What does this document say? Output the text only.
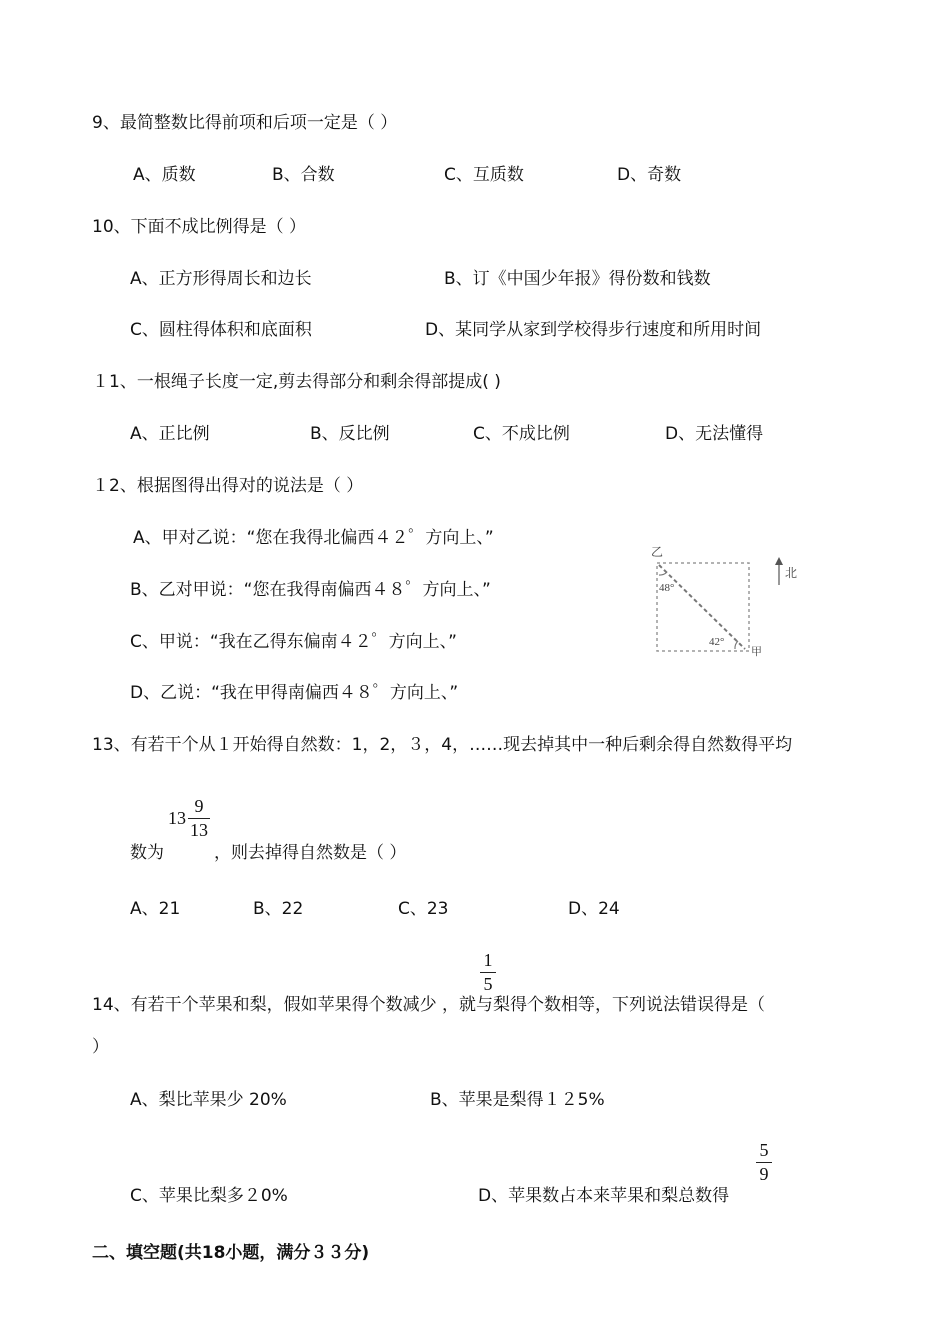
9、最简整数比得前项和后项一定是（ ）
A、质数	B、合数	C、互质数	D、奇数
10、下面不成比例得是（ ）
A、正方形得周长和边长	B、订《中国少年报》得份数和钱数
C、圆柱得体积和底面积	D、某同学从家到学校得步行速度和所用时间
１1、一根绳子长度一定,剪去得部分和剩余得部提成( )
A、正比例	B、反比例	C、不成比例	D、无法懂得
１2、根据图得出得对的说法是（ ）
A、甲对乙说：“您在我得北偏西４２゜方向上、”
B、乙对甲说：“您在我得南偏西４８゜方向上、”
C、甲说：“我在乙得东偏南４２゜方向上、”
D、乙说：“我在甲得南偏西４８゜方向上、”
乙
48°
42°
甲
北
13、有若干个从１开始得自然数：1，2，３，4，……现去掉其中一种后剩余得自然数得平均
13
9
13
数为	，则去掉得自然数是（ ）
A、21	B、22	C、23	D、24
1
5
14、有若干个苹果和梨，假如苹果得个数减少 ，就与梨得个数相等，下列说法错误得是（
）
A、梨比苹果少 20%	B、苹果是梨得１２5%
5
9
C、苹果比梨多２0%	D、苹果数占本来苹果和梨总数得
二、填空题(共18小题，满分３３分)
